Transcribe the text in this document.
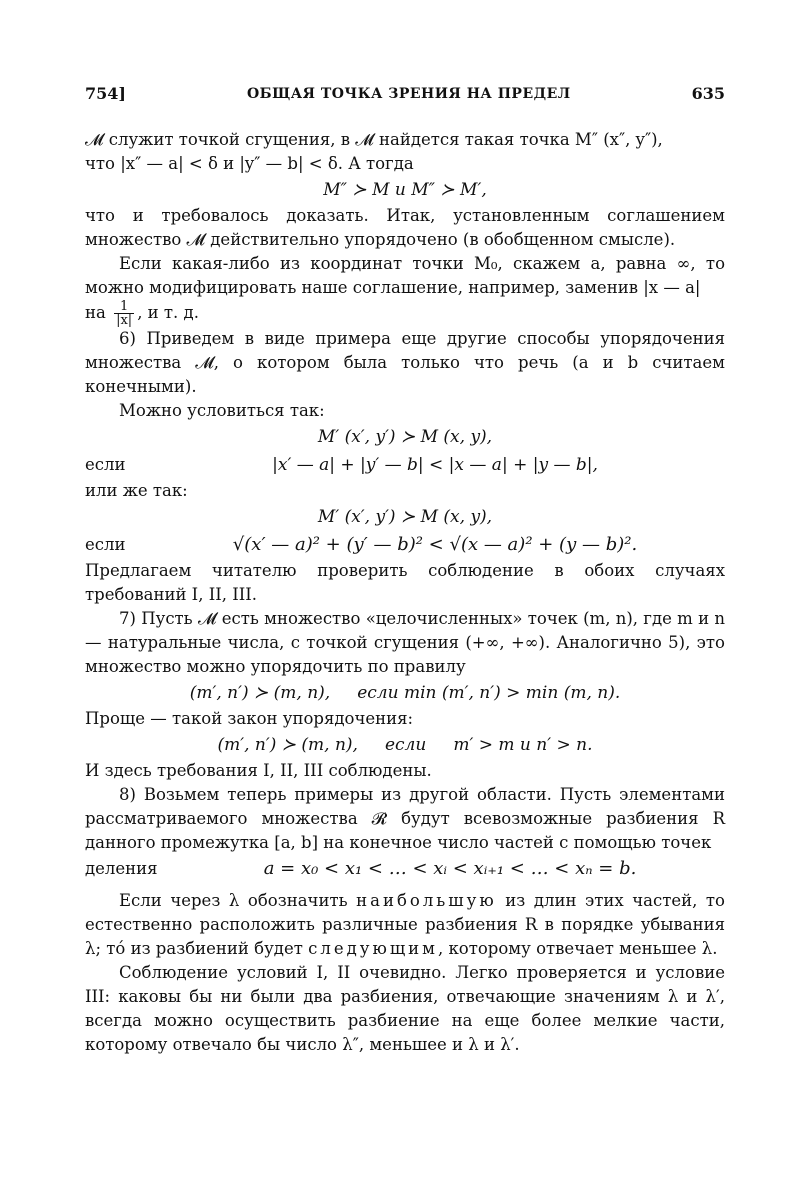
754]	ОБЩАЯ ТОЧКА ЗРЕНИЯ НА ПРЕДЕЛ	635

𝓜 служит точкой сгущения, в 𝓜 найдется такая точка M″ (x″, y″),

что |x″ — a| < δ и |y″ — b| < δ. А тогда

M″ ≻ M и M″ ≻ M′,

что и требовалось доказать. Итак, установленным соглашением множество 𝓜 действительно упорядочено (в обобщенном смысле).

Если какая-либо из координат точки M₀, скажем a, равна ∞, то можно модифицировать наше соглашение, например, заменив |x — a|

на $\frac{1}{|x|}$ , и т. д.

6) Приведем в виде примера еще другие способы упорядочения множества 𝓜, о котором была только что речь (a и b считаем конечными).

Можно условиться так:

M′ (x′, y′) ≻ M (x, y),
если	|x′ — a| + |y′ — b| < |x — a| + |y — b|,

или же так:

M′ (x′, y′) ≻ M (x, y),
если	√(x′ — a)² + (y′ — b)² < √(x — a)² + (y — b)².

Предлагаем читателю проверить соблюдение в обоих случаях требований I, II, III.

7) Пусть 𝓜 есть множество «целочисленных» точек (m, n), где m и n — натуральные числа, с точкой сгущения (+∞, +∞). Аналогично 5), это множество можно упорядочить по правилу

(m′, n′) ≻ (m, n),     если min (m′, n′) > min (m, n).

Проще — такой закон упорядочения:

(m′, n′) ≻ (m, n),     если     m′ > m и n′ > n.

И здесь требования I, II, III соблюдены.

8) Возьмем теперь примеры из другой области. Пусть элементами рассматриваемого множества 𝓡 будут всевозможные разбиения R данного промежутка [a, b] на конечное число частей с помощью точек

деления	a = x₀ < x₁ < … < xᵢ < xᵢ₊₁ < … < xₙ = b.

Если через λ обозначить наибольшую из длин этих частей, то естественно расположить различные разбиения R в порядке убывания λ; тó из разбиений будет следующим, которому отвечает меньшее λ.

Соблюдение условий I, II очевидно. Легко проверяется и условие III: каковы бы ни были два разбиения, отвечающие значениям λ и λ′, всегда можно осуществить разбиение на еще более мелкие части, которому отвечало бы число λ″, меньшее и λ и λ′.
